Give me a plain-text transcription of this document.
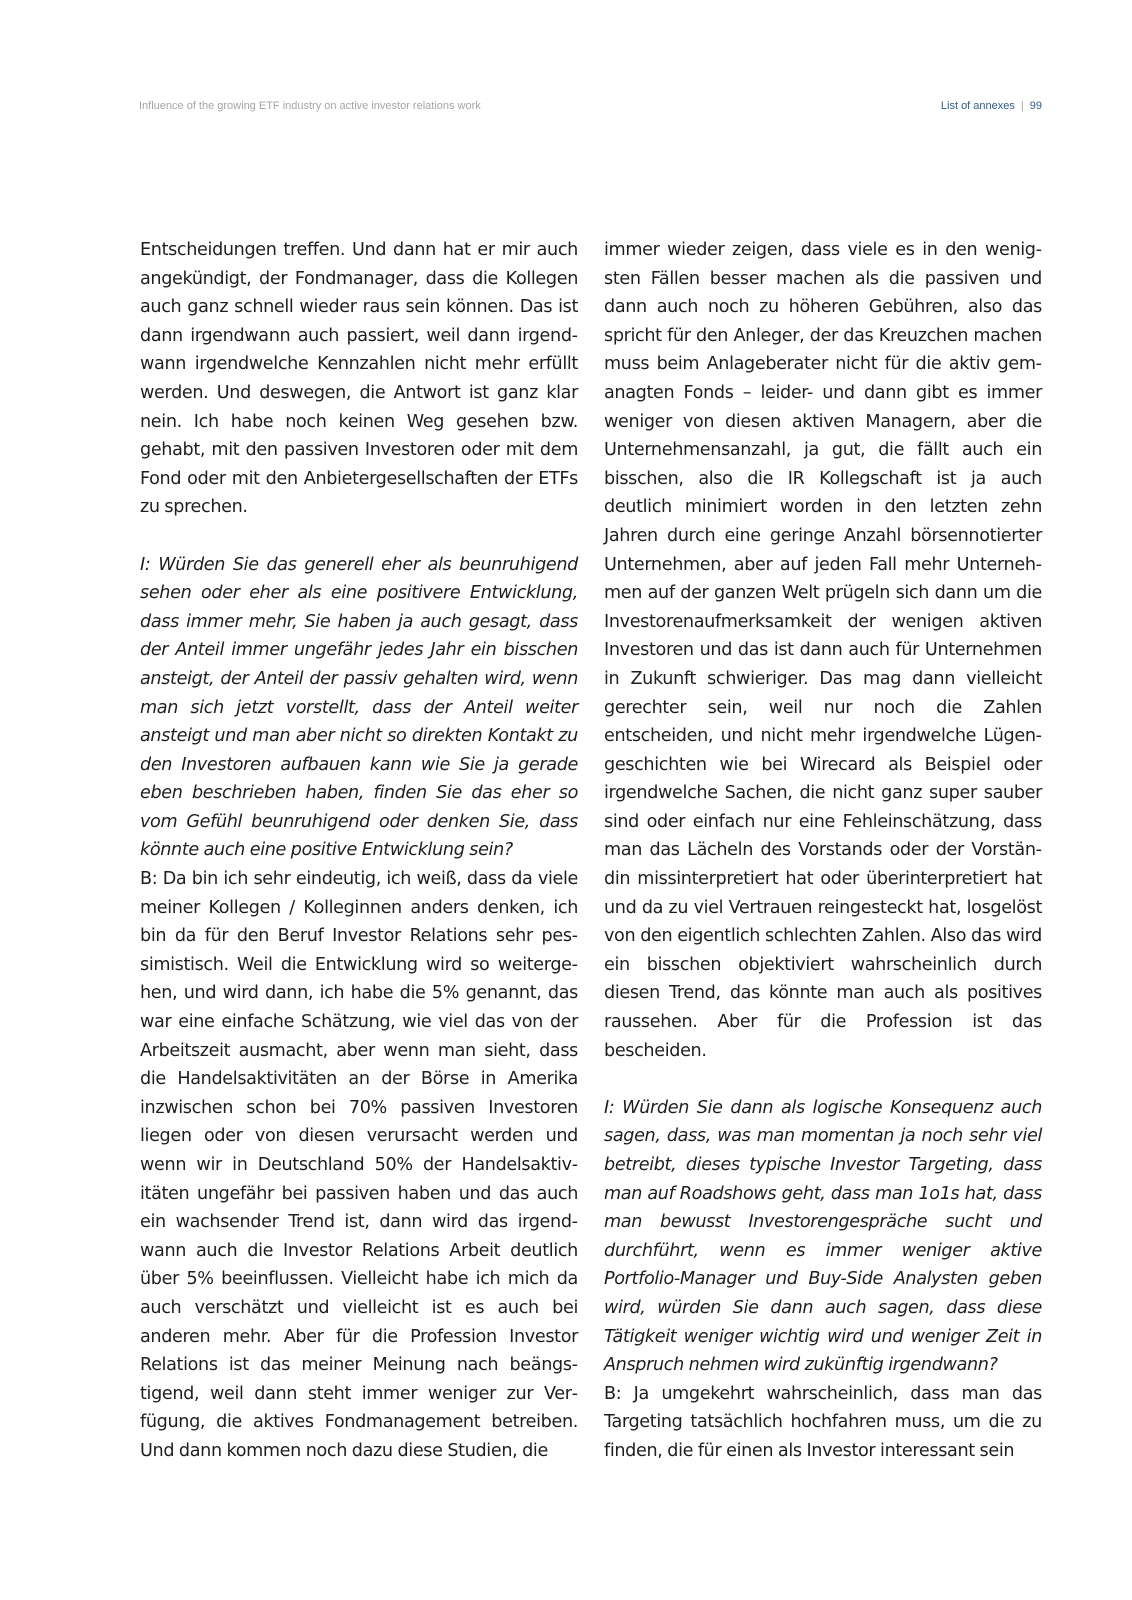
Influence of the growing ETF industry on active investor relations work	List of annexes | 99

Entscheidungen treffen. Und dann hat er mir auch angekündigt, der Fondmanager, dass die Kollegen auch ganz schnell wieder raus sein können. Das ist dann irgendwann auch passiert, weil dann irgendwann irgendwelche Kennzahlen nicht mehr erfüllt werden. Und deswegen, die Antwort ist ganz klar nein. Ich habe noch keinen Weg gesehen bzw. gehabt, mit den passiven Investoren oder mit dem Fond oder mit den Anbietergesellschaften der ETFs zu sprechen.

I: Würden Sie das generell eher als beunruhigend sehen oder eher als eine positivere Entwicklung, dass immer mehr, Sie haben ja auch gesagt, dass der Anteil immer ungefähr jedes Jahr ein bisschen ansteigt, der Anteil der passiv gehalten wird, wenn man sich jetzt vorstellt, dass der Anteil weiter ansteigt und man aber nicht so direkten Kontakt zu den Investoren aufbauen kann wie Sie ja gerade eben beschrieben haben, finden Sie das eher so vom Gefühl beunruhigend oder denken Sie, dass könnte auch eine positive Entwicklung sein?

B: Da bin ich sehr eindeutig, ich weiß, dass da viele meiner Kollegen / Kolleginnen anders denken, ich bin da für den Beruf Investor Relations sehr pessimistisch. Weil die Entwicklung wird so weitergehen, und wird dann, ich habe die 5% genannt, das war eine einfache Schätzung, wie viel das von der Arbeitszeit ausmacht, aber wenn man sieht, dass die Handelsaktivitäten an der Börse in Amerika inzwischen schon bei 70% passiven Investoren liegen oder von diesen verursacht werden und wenn wir in Deutschland 50% der Handelsaktivitäten ungefähr bei passiven haben und das auch ein wachsender Trend ist, dann wird das irgendwann auch die Investor Relations Arbeit deutlich über 5% beeinflussen. Vielleicht habe ich mich da auch verschätzt und vielleicht ist es auch bei anderen mehr. Aber für die Profession Investor Relations ist das meiner Meinung nach beängstigend, weil dann steht immer weniger zur Verfügung, die aktives Fondmanagement betreiben. Und dann kommen noch dazu diese Studien, die

immer wieder zeigen, dass viele es in den wenigsten Fällen besser machen als die passiven und dann auch noch zu höheren Gebühren, also das spricht für den Anleger, der das Kreuzchen machen muss beim Anlageberater nicht für die aktiv gemanagten Fonds – leider- und dann gibt es immer weniger von diesen aktiven Managern, aber die Unternehmensanzahl, ja gut, die fällt auch ein bisschen, also die IR Kollegschaft ist ja auch deutlich minimiert worden in den letzten zehn Jahren durch eine geringe Anzahl börsennotierter Unternehmen, aber auf jeden Fall mehr Unternehmen auf der ganzen Welt prügeln sich dann um die Investorenaufmerksamkeit der wenigen aktiven Investoren und das ist dann auch für Unternehmen in Zukunft schwieriger. Das mag dann vielleicht gerechter sein, weil nur noch die Zahlen entscheiden, und nicht mehr irgendwelche Lügengeschichten wie bei Wirecard als Beispiel oder irgendwelche Sachen, die nicht ganz super sauber sind oder einfach nur eine Fehleinschätzung, dass man das Lächeln des Vorstands oder der Vorständin missinterpretiert hat oder überinterpretiert hat und da zu viel Vertrauen reingesteckt hat, losgelöst von den eigentlich schlechten Zahlen. Also das wird ein bisschen objektiviert wahrscheinlich durch diesen Trend, das könnte man auch als positives raussehen. Aber für die Profession ist das bescheiden.

I: Würden Sie dann als logische Konsequenz auch sagen, dass, was man momentan ja noch sehr viel betreibt, dieses typische Investor Targeting, dass man auf Roadshows geht, dass man 1o1s hat, dass man bewusst Investorengespräche sucht und durchführt, wenn es immer weniger aktive Portfolio-Manager und Buy-Side Analysten geben wird, würden Sie dann auch sagen, dass diese Tätigkeit weniger wichtig wird und weniger Zeit in Anspruch nehmen wird zukünftig irgendwann?

B: Ja umgekehrt wahrscheinlich, dass man das Targeting tatsächlich hochfahren muss, um die zu finden, die für einen als Investor interessant sein
